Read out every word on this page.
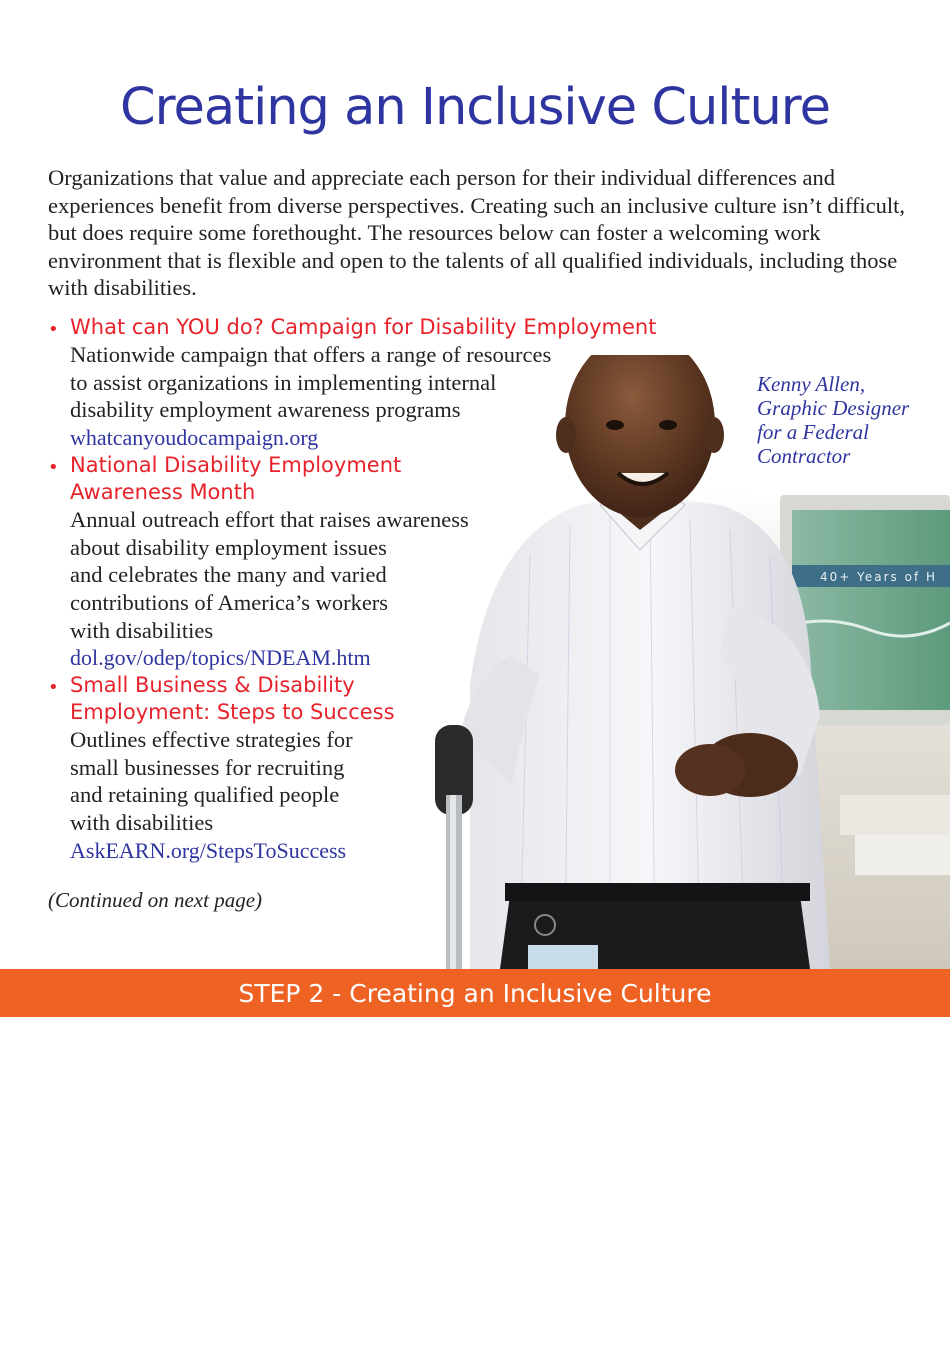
Creating an Inclusive Culture

Organizations that value and appreciate each person for their individual differences and experiences benefit from diverse perspectives. Creating such an inclusive culture isn’t difficult, but does require some forethought. The resources below can foster a welcoming work environment that is flexible and open to the talents of all qualified individuals, including those with disabilities.

40+ Years of H
Kenny Allen,
Graphic Designer
for a Federal
Contractor
• What can YOU do? Campaign for Disability Employment
Nationwide campaign that offers a range of resources
to assist organizations in implementing internal
disability employment awareness programs
whatcanyoudocampaign.org
• National Disability Employment
Awareness Month
Annual outreach effort that raises awareness
about disability employment issues
and celebrates the many and varied
contributions of America’s workers
with disabilities
dol.gov/odep/topics/NDEAM.htm
• Small Business & Disability
Employment: Steps to Success
Outlines effective strategies for
small businesses for recruiting
and retaining qualified people
with disabilities
AskEARN.org/StepsToSuccess
(Continued on next page)
STEP 2 - Creating an Inclusive Culture
